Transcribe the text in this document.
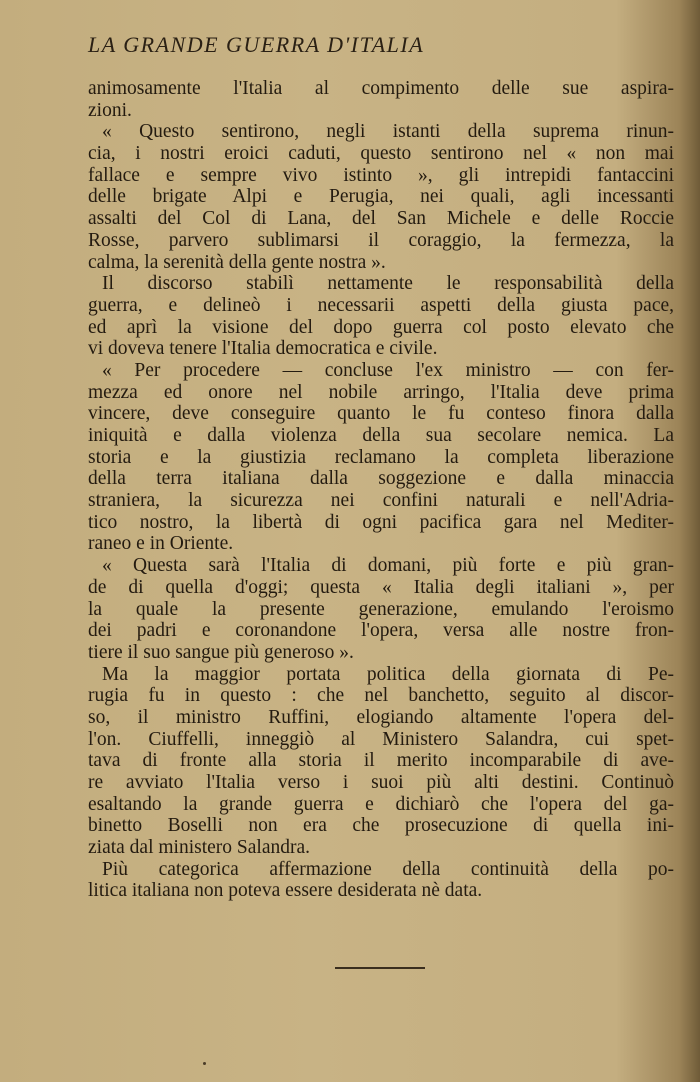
LA GRANDE GUERRA D'ITALIA
animosamente l'Italia al compimento delle sue aspira-
zioni.
« Questo sentirono, negli istanti della suprema rinun-
cia, i nostri eroici caduti, questo sentirono nel « non mai
fallace e sempre vivo istinto », gli intrepidi fantaccini
delle brigate Alpi e Perugia, nei quali, agli incessanti
assalti del Col di Lana, del San Michele e delle Roccie
Rosse, parvero sublimarsi il coraggio, la fermezza, la
calma, la serenità della gente nostra ».
Il discorso stabilì nettamente le responsabilità della
guerra, e delineò i necessarii aspetti della giusta pace,
ed aprì la visione del dopo guerra col posto elevato che
vi doveva tenere l'Italia democratica e civile.
« Per procedere — concluse l'ex ministro — con fer-
mezza ed onore nel nobile arringo, l'Italia deve prima
vincere, deve conseguire quanto le fu conteso finora dalla
iniquità e dalla violenza della sua secolare nemica. La
storia e la giustizia reclamano la completa liberazione
della terra italiana dalla soggezione e dalla minaccia
straniera, la sicurezza nei confini naturali e nell'Adria-
tico nostro, la libertà di ogni pacifica gara nel Mediter-
raneo e in Oriente.
« Questa sarà l'Italia di domani, più forte e più gran-
de di quella d'oggi; questa « Italia degli italiani », per
la quale la presente generazione, emulando l'eroismo
dei padri e coronandone l'opera, versa alle nostre fron-
tiere il suo sangue più generoso ».
Ma la maggior portata politica della giornata di Pe-
rugia fu in questo : che nel banchetto, seguito al discor-
so, il ministro Ruffini, elogiando altamente l'opera del-
l'on. Ciuffelli, inneggiò al Ministero Salandra, cui spet-
tava di fronte alla storia il merito incomparabile di ave-
re avviato l'Italia verso i suoi più alti destini. Continuò
esaltando la grande guerra e dichiarò che l'opera del ga-
binetto Boselli non era che prosecuzione di quella ini-
ziata dal ministero Salandra.
Più categorica affermazione della continuità della po-
litica italiana non poteva essere desiderata nè data.
